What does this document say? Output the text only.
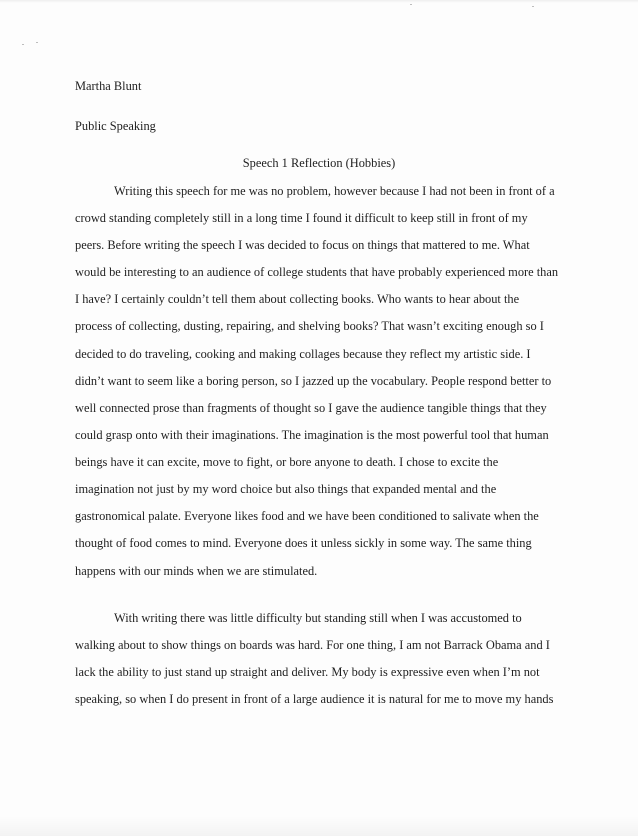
Martha Blunt
Public Speaking
Speech 1 Reflection (Hobbies)
Writing this speech for me was no problem, however because I had not been in front of a
crowd standing completely still in a long time I found it difficult to keep still in front of my
peers. Before writing the speech I was decided to focus on things that mattered to me. What
would be interesting to an audience of college students that have probably experienced more than
I have? I certainly couldn’t tell them about collecting books. Who wants to hear about the
process of collecting, dusting, repairing, and shelving books? That wasn’t exciting enough so I
decided to do traveling, cooking and making collages because they reflect my artistic side. I
didn’t want to seem like a boring person, so I jazzed up the vocabulary. People respond better to
well connected prose than fragments of thought so I gave the audience tangible things that they
could grasp onto with their imaginations. The imagination is the most powerful tool that human
beings have it can excite, move to fight, or bore anyone to death. I chose to excite the
imagination not just by my word choice but also things that expanded mental and the
gastronomical palate. Everyone likes food and we have been conditioned to salivate when the
thought of food comes to mind. Everyone does it unless sickly in some way. The same thing
happens with our minds when we are stimulated.
With writing there was little difficulty but standing still when I was accustomed to
walking about to show things on boards was hard. For one thing, I am not Barrack Obama and I
lack the ability to just stand up straight and deliver. My body is expressive even when I’m not
speaking, so when I do present in front of a large audience it is natural for me to move my hands
